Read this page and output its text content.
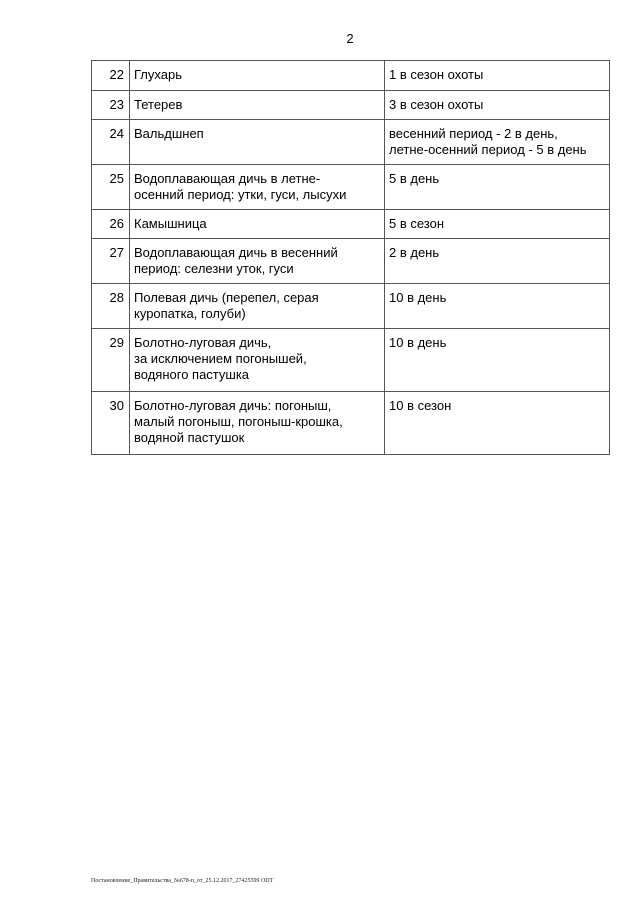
2
22	Глухарь	1 в сезон охоты

23	Тетерев	3 в сезон охоты

24	Вальдшнеп	весенний период - 2 в день,
летне-осенний период - 5 в день

25	Водоплавающая дичь в летне-
осенний период: утки, гуси, лысухи	5 в день

26	Камышница	5 в сезон

27	Водоплавающая дичь в весенний
период: селезни уток, гуси	2 в день

28	Полевая дичь (перепел, серая
куропатка, голуби)	10 в день

29	Болотно-луговая дичь,
за исключением погонышей,
водяного пастушка	10 в день

30	Болотно-луговая дичь: погоныш,
малый погоныш, погоныш-крошка,
водяной пастушок	10 в сезон
Постановление_Правительства_№678-п_от_25.12.2017_27425599 ODT
